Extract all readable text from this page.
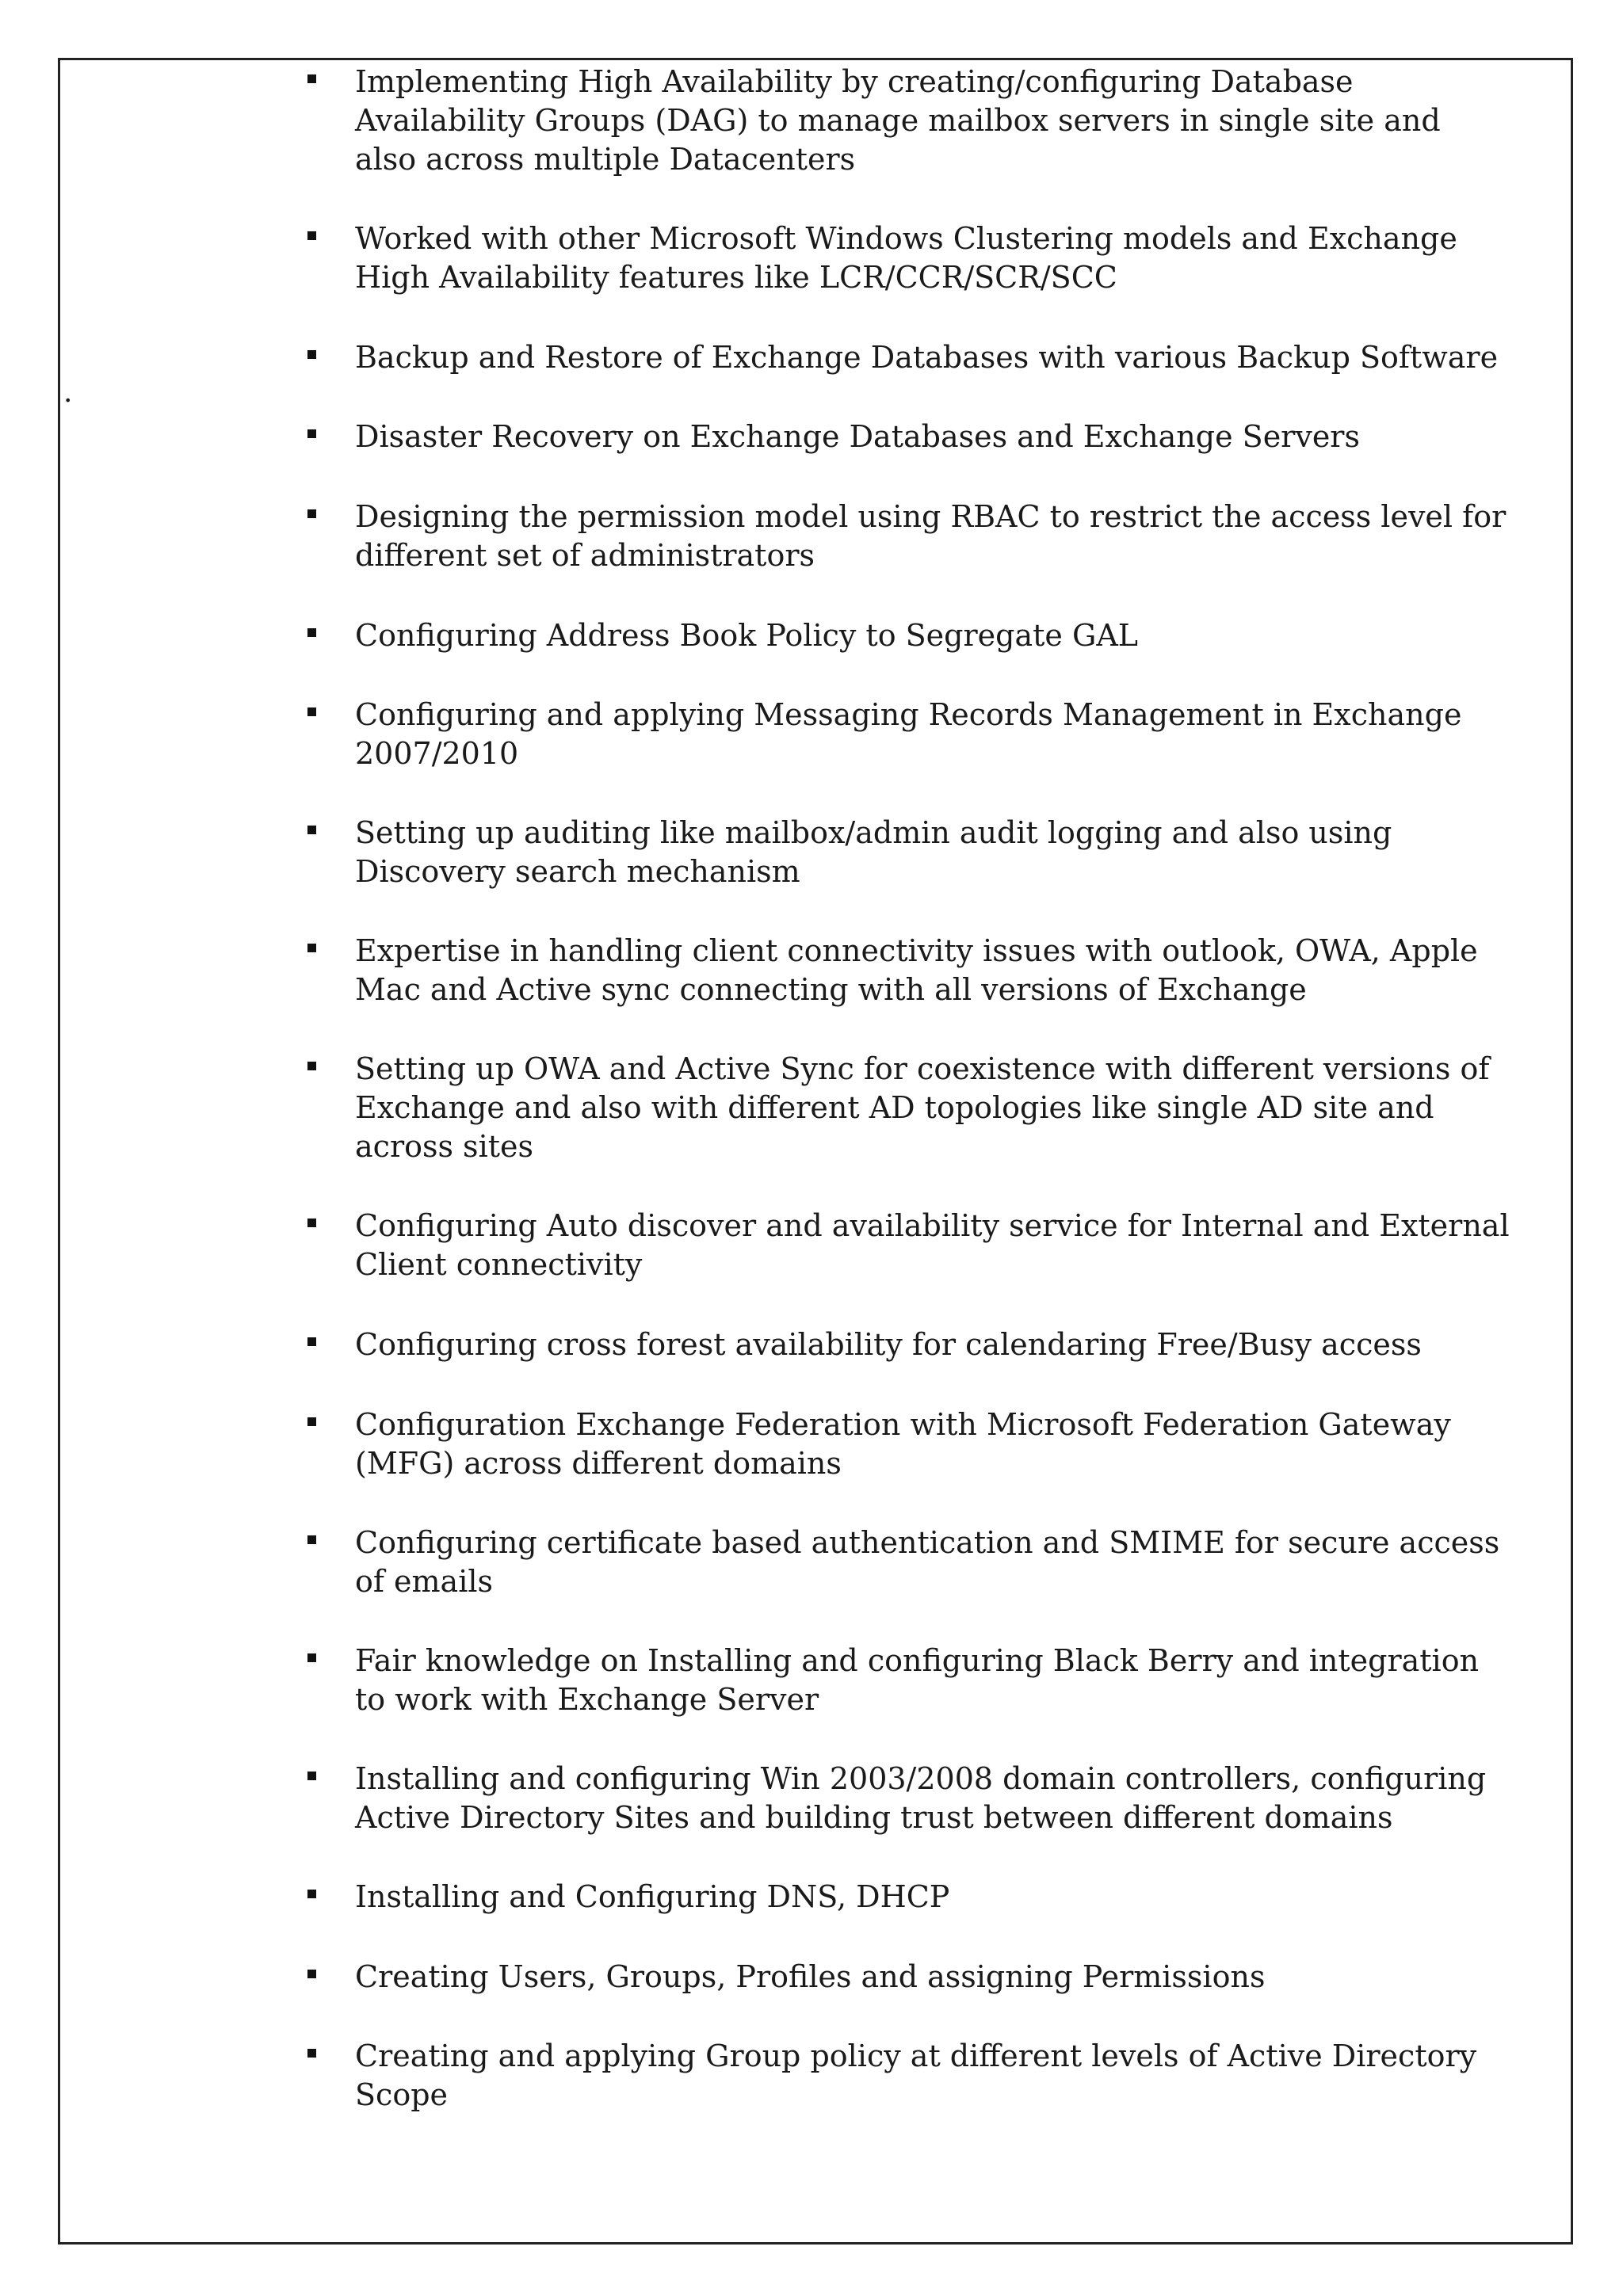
.
Implementing High Availability by creating/configuring Database
Availability Groups (DAG) to manage mailbox servers in single site and
also across multiple Datacenters
Worked with other Microsoft Windows Clustering models and Exchange
High Availability features like LCR/CCR/SCR/SCC
Backup and Restore of Exchange Databases with various Backup Software
Disaster Recovery on Exchange Databases and Exchange Servers
Designing the permission model using RBAC to restrict the access level for
different set of administrators
Configuring Address Book Policy to Segregate GAL
Configuring and applying Messaging Records Management in Exchange
2007/2010
Setting up auditing like mailbox/admin audit logging and also using
Discovery search mechanism
Expertise in handling client connectivity issues with outlook, OWA, Apple
Mac and Active sync connecting with all versions of Exchange
Setting up OWA and Active Sync for coexistence with different versions of
Exchange and also with different AD topologies like single AD site and
across sites
Configuring Auto discover and availability service for Internal and External
Client connectivity
Configuring cross forest availability for calendaring Free/Busy access
Configuration Exchange Federation with Microsoft Federation Gateway
(MFG) across different domains
Configuring certificate based authentication and SMIME for secure access
of emails
Fair knowledge on Installing and configuring Black Berry and integration
to work with Exchange Server
Installing and configuring Win 2003/2008 domain controllers, configuring
Active Directory Sites and building trust between different domains
Installing and Configuring DNS, DHCP
Creating Users, Groups, Profiles and assigning Permissions
Creating and applying Group policy at different levels of Active Directory
Scope
